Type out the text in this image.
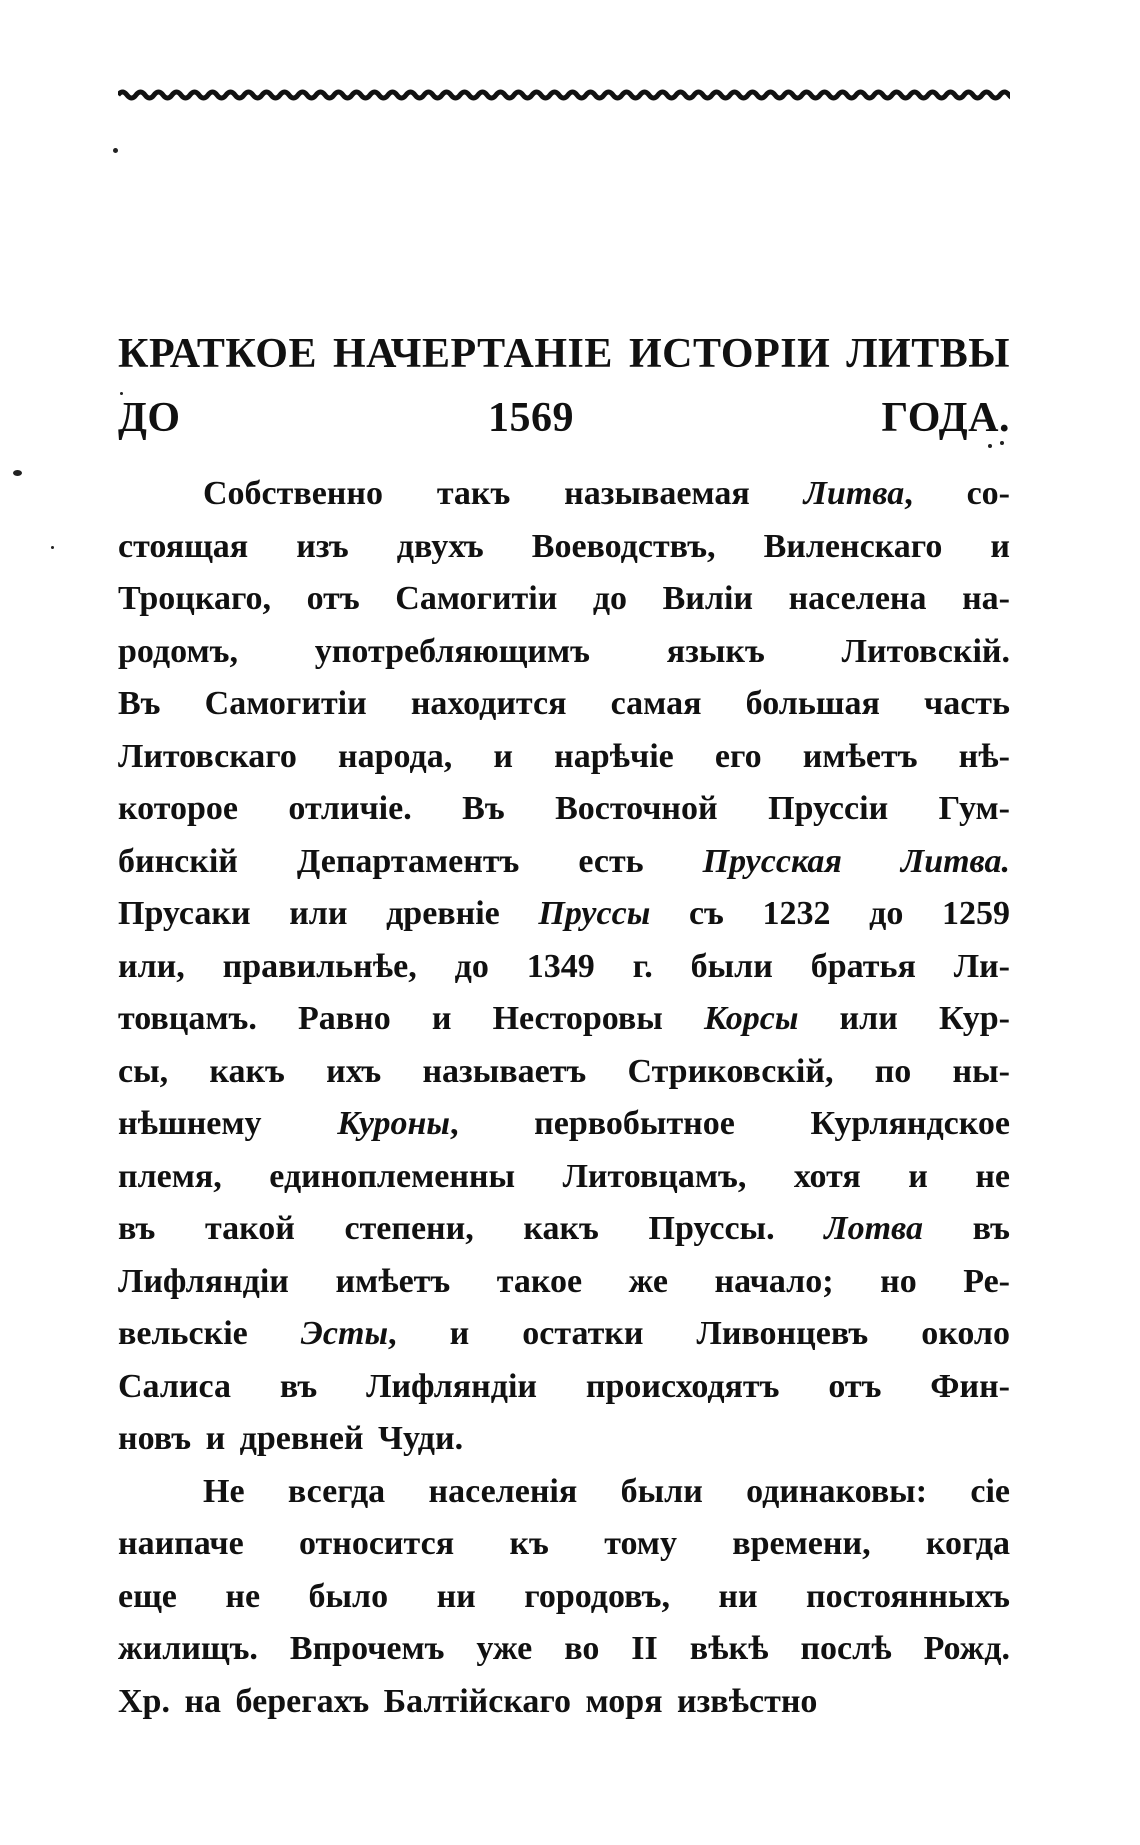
КРАТКОЕ НАЧЕРТАНІЕ ИСТОРІИ ЛИТВЫ
ДО 1569 ГОДА.
Собственно такъ называемая Литва, со-
стоящая изъ двухъ Воеводствъ, Виленскаго и
Троцкаго, отъ Самогитіи до Виліи населена на-
родомъ, употребляющимъ языкъ Литовскій.
Въ Самогитіи находится самая большая часть
Литовскаго народа, и нарѣчіе его имѣетъ нѣ-
которое отличіе. Въ Восточной Пруссіи Гум-
бинскій Департаментъ есть Прусская Литва.
Прусаки или древніе Пруссы съ 1232 до 1259
или, правильнѣе, до 1349 г. были братья Ли-
товцамъ. Равно и Несторовы Корсы или Кур-
сы, какъ ихъ называетъ Стриковскій, по ны-
нѣшнему Куроны, первобытное Курляндское
племя, единоплеменны Литовцамъ, хотя и не
въ такой степени, какъ Пруссы. Лотва въ
Лифляндіи имѣетъ такое же начало; но Ре-
вельскіе Эсты, и остатки Ливонцевъ около
Салиса въ Лифляндіи происходятъ отъ Фин-
новъ и древней Чуди.
Не всегда населенія были одинаковы: сіе
наипаче относится къ тому времени, когда
еще не было ни городовъ, ни постоянныхъ
жилищъ. Впрочемъ уже во II вѣкѣ послѣ Рожд.
Хр. на берегахъ Балтійскаго моря извѣстно
